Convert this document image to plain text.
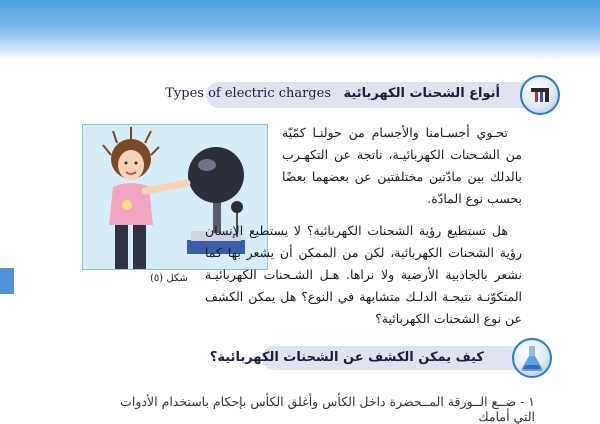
أنواع الشحنات الكهربائية Types of electric charges
تحـوي أجسـامنا والأجسام من حولنـا كمّيّة من الشـحنات الكهربائيـة، ناتجة عن التكهـرب بالدلك بين مادّتين مختلفتين عن بعضهما بعضًا بحسب نوع المادّة.
شكل (٥)
هل تستطيع رؤية الشحنات الكهربائية؟ لا يستطيع الإنسان رؤية الشحنات الكهربائية، لكن من الممكن أن يشعر بها كما نشعر بالجاذبية الأرضية ولا نراها. هـل الشـحنات الكهربائيـة المتكوّنـة نتيجـة الدلـك متشابهة في النوع؟ هل يمكن الكشف عن نوع الشحنات الكهربائية؟
كيف يمكن الكشف عن الشحنات الكهربائية؟
١ - ضــع الــورقة المــحضرة داخل الكأس وأغلق الكأس بإحكام باستخدام الأدوات التي أمامك
